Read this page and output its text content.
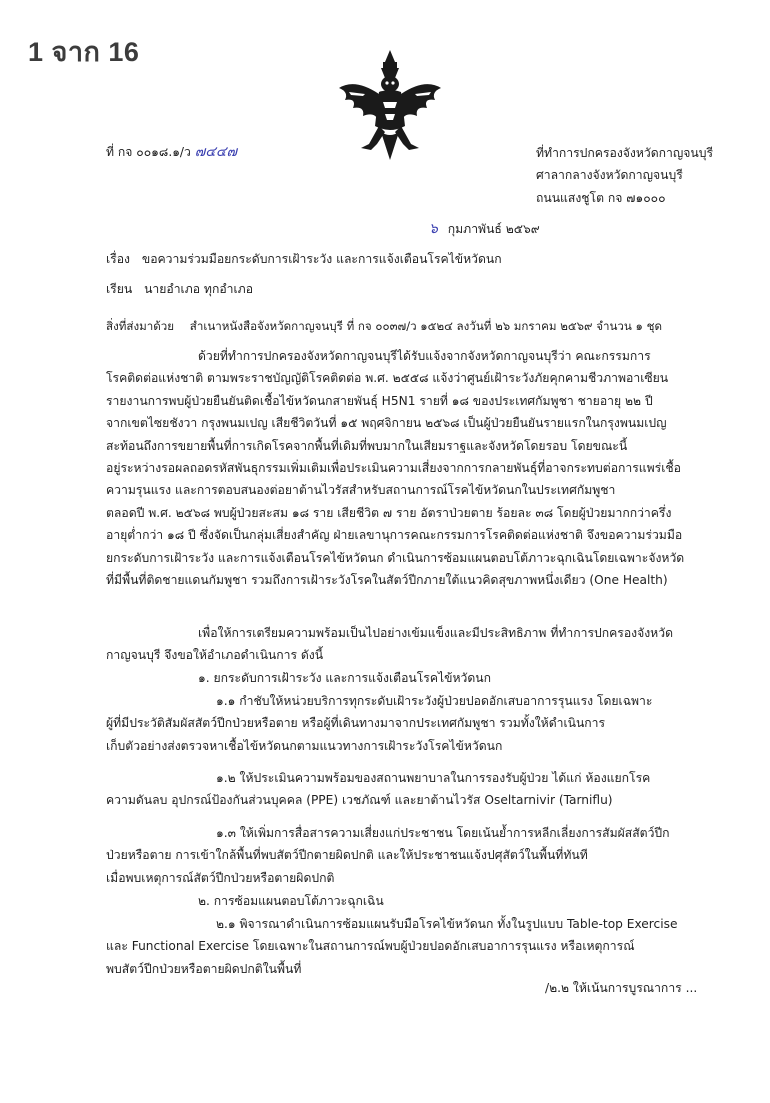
1 จาก 16
ที่ กจ ๐๐๑๘.๑/ว ๗๔๔๗	ที่ทำการปกครองจังหวัดกาญจนบุรี
ศาลากลางจังหวัดกาญจนบุรี
ถนนแสงชูโต กจ ๗๑๐๐๐
๖ กุมภาพันธ์ ๒๕๖๙
เรื่อง ขอความร่วมมือยกระดับการเฝ้าระวัง และการแจ้งเตือนโรคไข้หวัดนก
เรียน นายอำเภอ ทุกอำเภอ
สิ่งที่ส่งมาด้วย สำเนาหนังสือจังหวัดกาญจนบุรี ที่ กจ ๐๐๓๗/ว ๑๕๒๔ ลงวันที่ ๒๖ มกราคม ๒๕๖๙ จำนวน ๑ ชุด
ด้วยที่ทำการปกครองจังหวัดกาญจนบุรีได้รับแจ้งจากจังหวัดกาญจนบุรีว่า คณะกรรมการ
โรคติดต่อแห่งชาติ ตามพระราชบัญญัติโรคติดต่อ พ.ศ. ๒๕๕๘ แจ้งว่าศูนย์เฝ้าระวังภัยคุกคามชีวภาพอาเซียน
รายงานการพบผู้ป่วยยืนยันติดเชื้อไข้หวัดนกสายพันธุ์ H5N1 รายที่ ๑๘ ของประเทศกัมพูชา ชายอายุ ๒๒ ปี
จากเขตไซยชังวา กรุงพนมเปญ เสียชีวิตวันที่ ๑๕ พฤศจิกายน ๒๕๖๘ เป็นผู้ป่วยยืนยันรายแรกในกรุงพนมเปญ
สะท้อนถึงการขยายพื้นที่การเกิดโรคจากพื้นที่เดิมที่พบมากในเสียมราฐและจังหวัดโดยรอบ โดยขณะนี้
อยู่ระหว่างรอผลถอดรหัสพันธุกรรมเพิ่มเติมเพื่อประเมินความเสี่ยงจากการกลายพันธุ์ที่อาจกระทบต่อการแพร่เชื้อ
ความรุนแรง และการตอบสนองต่อยาต้านไวรัสสำหรับสถานการณ์โรคไข้หวัดนกในประเทศกัมพูชา
ตลอดปี พ.ศ. ๒๕๖๘ พบผู้ป่วยสะสม ๑๘ ราย เสียชีวิต ๗ ราย อัตราป่วยตาย ร้อยละ ๓๘ โดยผู้ป่วยมากกว่าครึ่ง
อายุต่ำกว่า ๑๘ ปี ซึ่งจัดเป็นกลุ่มเสี่ยงสำคัญ ฝ่ายเลขานุการคณะกรรมการโรคติดต่อแห่งชาติ จึงขอความร่วมมือ
ยกระดับการเฝ้าระวัง และการแจ้งเตือนโรคไข้หวัดนก ดำเนินการซ้อมแผนตอบโต้ภาวะฉุกเฉินโดยเฉพาะจังหวัด
ที่มีพื้นที่ติดชายแดนกัมพูชา รวมถึงการเฝ้าระวังโรคในสัตว์ปีกภายใต้แนวคิดสุขภาพหนึ่งเดียว (One Health)
เพื่อให้การเตรียมความพร้อมเป็นไปอย่างเข้มแข็งและมีประสิทธิภาพ ที่ทำการปกครองจังหวัด
กาญจนบุรี จึงขอให้อำเภอดำเนินการ ดังนี้
๑. ยกระดับการเฝ้าระวัง และการแจ้งเตือนโรคไข้หวัดนก
๑.๑ กำชับให้หน่วยบริการทุกระดับเฝ้าระวังผู้ป่วยปอดอักเสบอาการรุนแรง โดยเฉพาะ
ผู้ที่มีประวัติสัมผัสสัตว์ปีกป่วยหรือตาย หรือผู้ที่เดินทางมาจากประเทศกัมพูชา รวมทั้งให้ดำเนินการ
เก็บตัวอย่างส่งตรวจหาเชื้อไข้หวัดนกตามแนวทางการเฝ้าระวังโรคไข้หวัดนก
๑.๒ ให้ประเมินความพร้อมของสถานพยาบาลในการรองรับผู้ป่วย ได้แก่ ห้องแยกโรค
ความดันลบ อุปกรณ์ป้องกันส่วนบุคคล (PPE) เวชภัณฑ์ และยาต้านไวรัส Oseltarnivir (Tarniflu)
๑.๓ ให้เพิ่มการสื่อสารความเสี่ยงแก่ประชาชน โดยเน้นย้ำการหลีกเลี่ยงการสัมผัสสัตว์ปีก
ป่วยหรือตาย การเข้าใกล้พื้นที่พบสัตว์ปีกตายผิดปกติ และให้ประชาชนแจ้งปศุสัตว์ในพื้นที่ทันที
เมื่อพบเหตุการณ์สัตว์ปีกป่วยหรือตายผิดปกติ
๒. การซ้อมแผนตอบโต้ภาวะฉุกเฉิน
๒.๑ พิจารณาดำเนินการซ้อมแผนรับมือโรคไข้หวัดนก ทั้งในรูปแบบ Table-top Exercise
และ Functional Exercise โดยเฉพาะในสถานการณ์พบผู้ป่วยปอดอักเสบอาการรุนแรง หรือเหตุการณ์
พบสัตว์ปีกป่วยหรือตายผิดปกติในพื้นที่
/๒.๒ ให้เน้นการบูรณาการ ...
